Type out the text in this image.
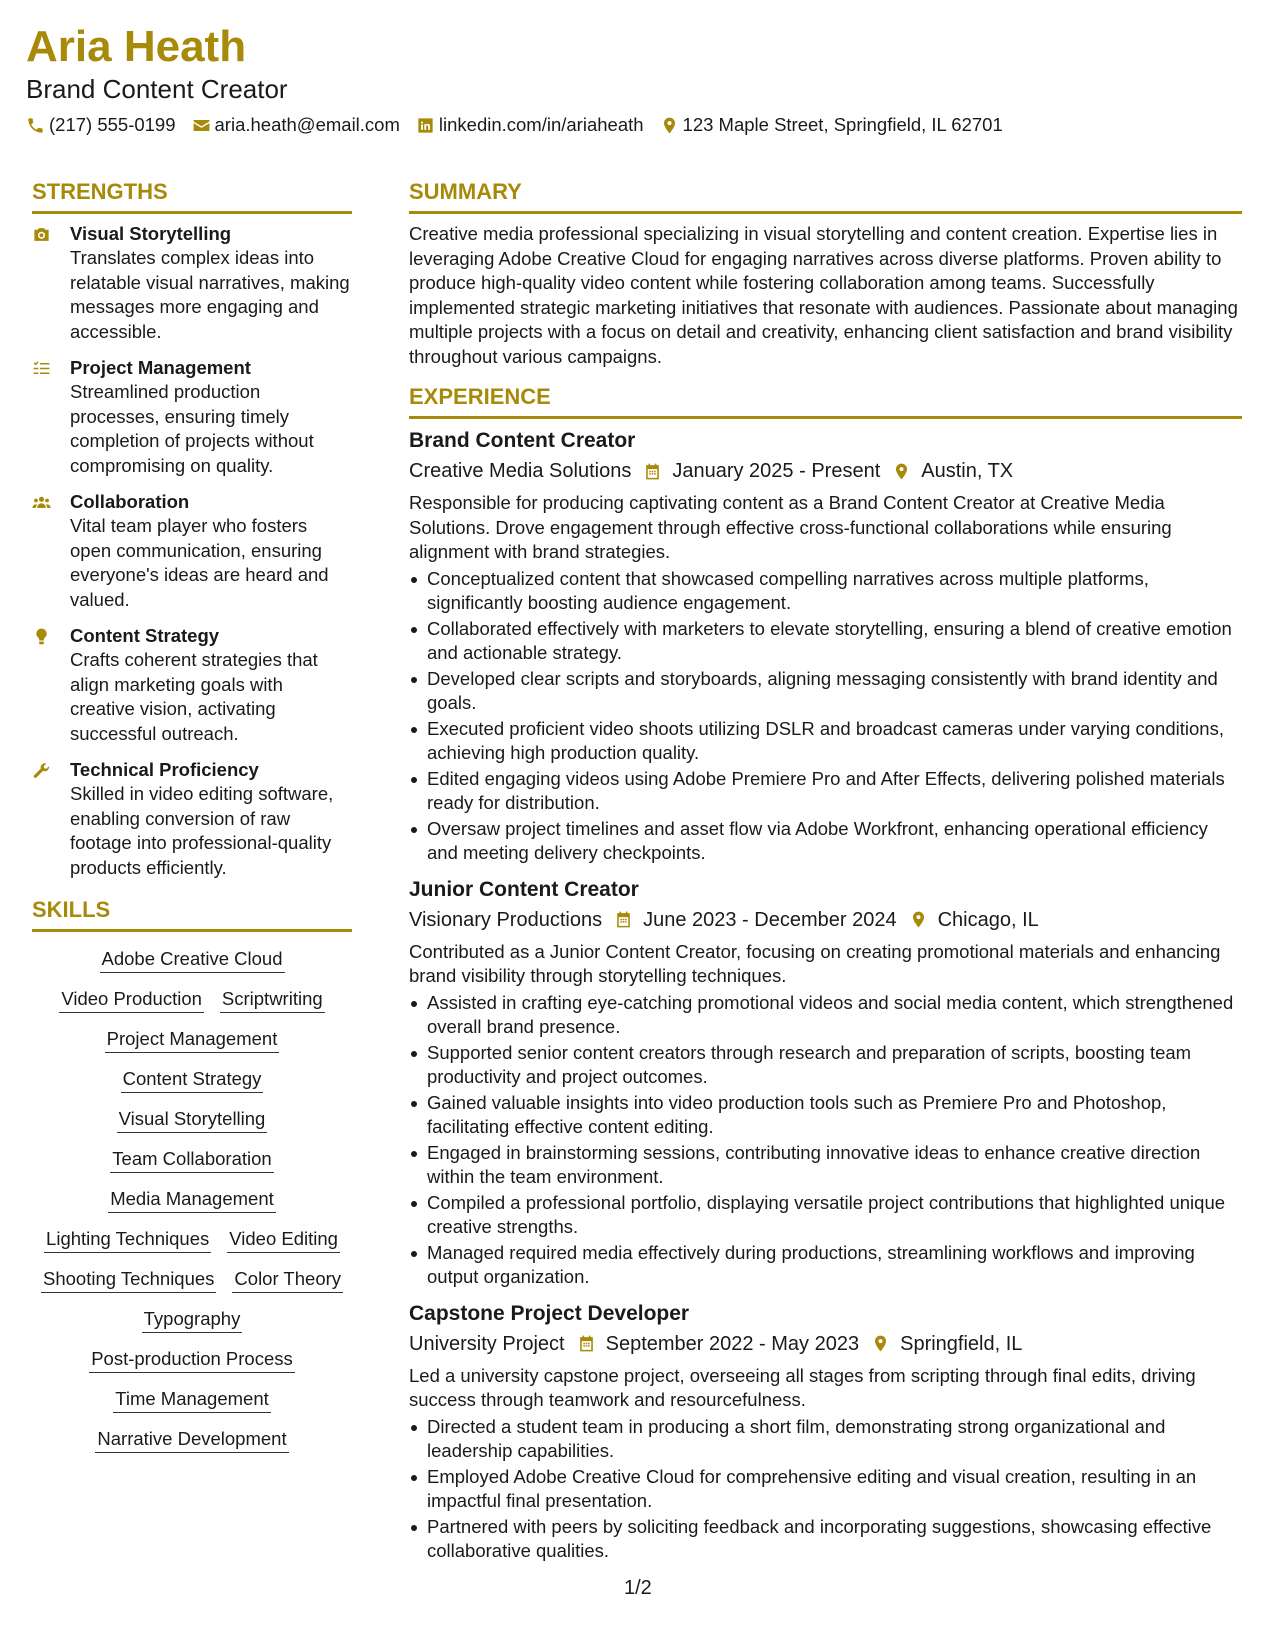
Aria Heath
Brand Content Creator
(217) 555-0199 aria.heath@email.com linkedin.com/in/ariaheath 123 Maple Street, Springfield, IL 62701
STRENGTHS
Visual Storytelling
Translates complex ideas into relatable visual narratives, making messages more engaging and accessible.
Project Management
Streamlined production processes, ensuring timely completion of projects without compromising on quality.
Collaboration
Vital team player who fosters open communication, ensuring everyone's ideas are heard and valued.
Content Strategy
Crafts coherent strategies that align marketing goals with creative vision, activating successful outreach.
Technical Proficiency
Skilled in video editing software, enabling conversion of raw footage into professional-quality products efficiently.
SKILLS
Adobe Creative Cloud
Video Production Scriptwriting
Project Management
Content Strategy
Visual Storytelling
Team Collaboration
Media Management
Lighting Techniques Video Editing
Shooting Techniques Color Theory
Typography
Post-production Process
Time Management
Narrative Development
SUMMARY
Creative media professional specializing in visual storytelling and content creation. Expertise lies in leveraging Adobe Creative Cloud for engaging narratives across diverse platforms. Proven ability to produce high-quality video content while fostering collaboration among teams. Successfully implemented strategic marketing initiatives that resonate with audiences. Passionate about managing multiple projects with a focus on detail and creativity, enhancing client satisfaction and brand visibility throughout various campaigns.
EXPERIENCE
Brand Content Creator
Creative Media Solutions January 2025 - Present Austin, TX
Responsible for producing captivating content as a Brand Content Creator at Creative Media Solutions. Drove engagement through effective cross-functional collaborations while ensuring alignment with brand strategies.
Conceptualized content that showcased compelling narratives across multiple platforms, significantly boosting audience engagement.
Collaborated effectively with marketers to elevate storytelling, ensuring a blend of creative emotion and actionable strategy.
Developed clear scripts and storyboards, aligning messaging consistently with brand identity and goals.
Executed proficient video shoots utilizing DSLR and broadcast cameras under varying conditions, achieving high production quality.
Edited engaging videos using Adobe Premiere Pro and After Effects, delivering polished materials ready for distribution.
Oversaw project timelines and asset flow via Adobe Workfront, enhancing operational efficiency and meeting delivery checkpoints.
Junior Content Creator
Visionary Productions June 2023 - December 2024 Chicago, IL
Contributed as a Junior Content Creator, focusing on creating promotional materials and enhancing brand visibility through storytelling techniques.
Assisted in crafting eye-catching promotional videos and social media content, which strengthened overall brand presence.
Supported senior content creators through research and preparation of scripts, boosting team productivity and project outcomes.
Gained valuable insights into video production tools such as Premiere Pro and Photoshop, facilitating effective content editing.
Engaged in brainstorming sessions, contributing innovative ideas to enhance creative direction within the team environment.
Compiled a professional portfolio, displaying versatile project contributions that highlighted unique creative strengths.
Managed required media effectively during productions, streamlining workflows and improving output organization.
Capstone Project Developer
University Project September 2022 - May 2023 Springfield, IL
Led a university capstone project, overseeing all stages from scripting through final edits, driving success through teamwork and resourcefulness.
Directed a student team in producing a short film, demonstrating strong organizational and leadership capabilities.
Employed Adobe Creative Cloud for comprehensive editing and visual creation, resulting in an impactful final presentation.
Partnered with peers by soliciting feedback and incorporating suggestions, showcasing effective collaborative qualities.
1/2
